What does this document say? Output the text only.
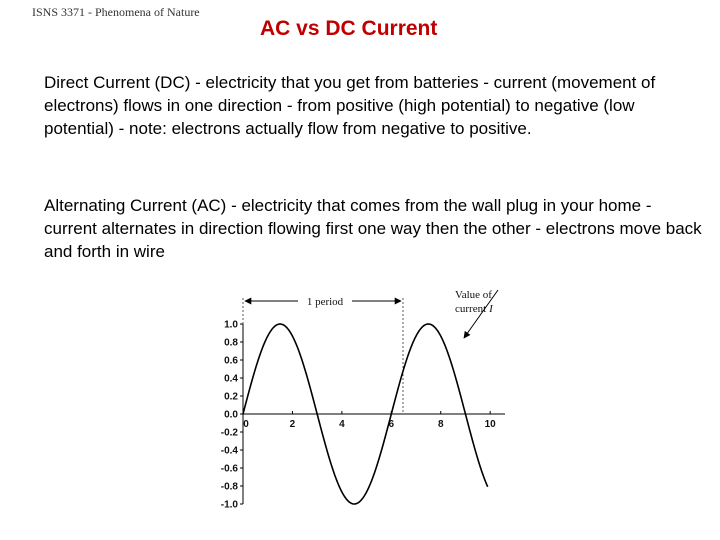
ISNS 3371 - Phenomena of Nature
AC vs DC Current

Direct Current (DC) - electricity that you get from batteries - current (movement of electrons) flows in one direction - from positive (high potential) to negative (low potential) - note: electrons actually flow from negative to positive.

Alternating Current (AC) - electricity that comes from the wall plug in your home - current alternates in direction flowing first one way then the other - electrons move back and forth in wire

1.0
0.8
0.6
0.4
0.2
0.0
-0.2
-0.4
-0.6
-0.8
-1.0
0	2	4	6	8	10
1 period
Value of
current I
